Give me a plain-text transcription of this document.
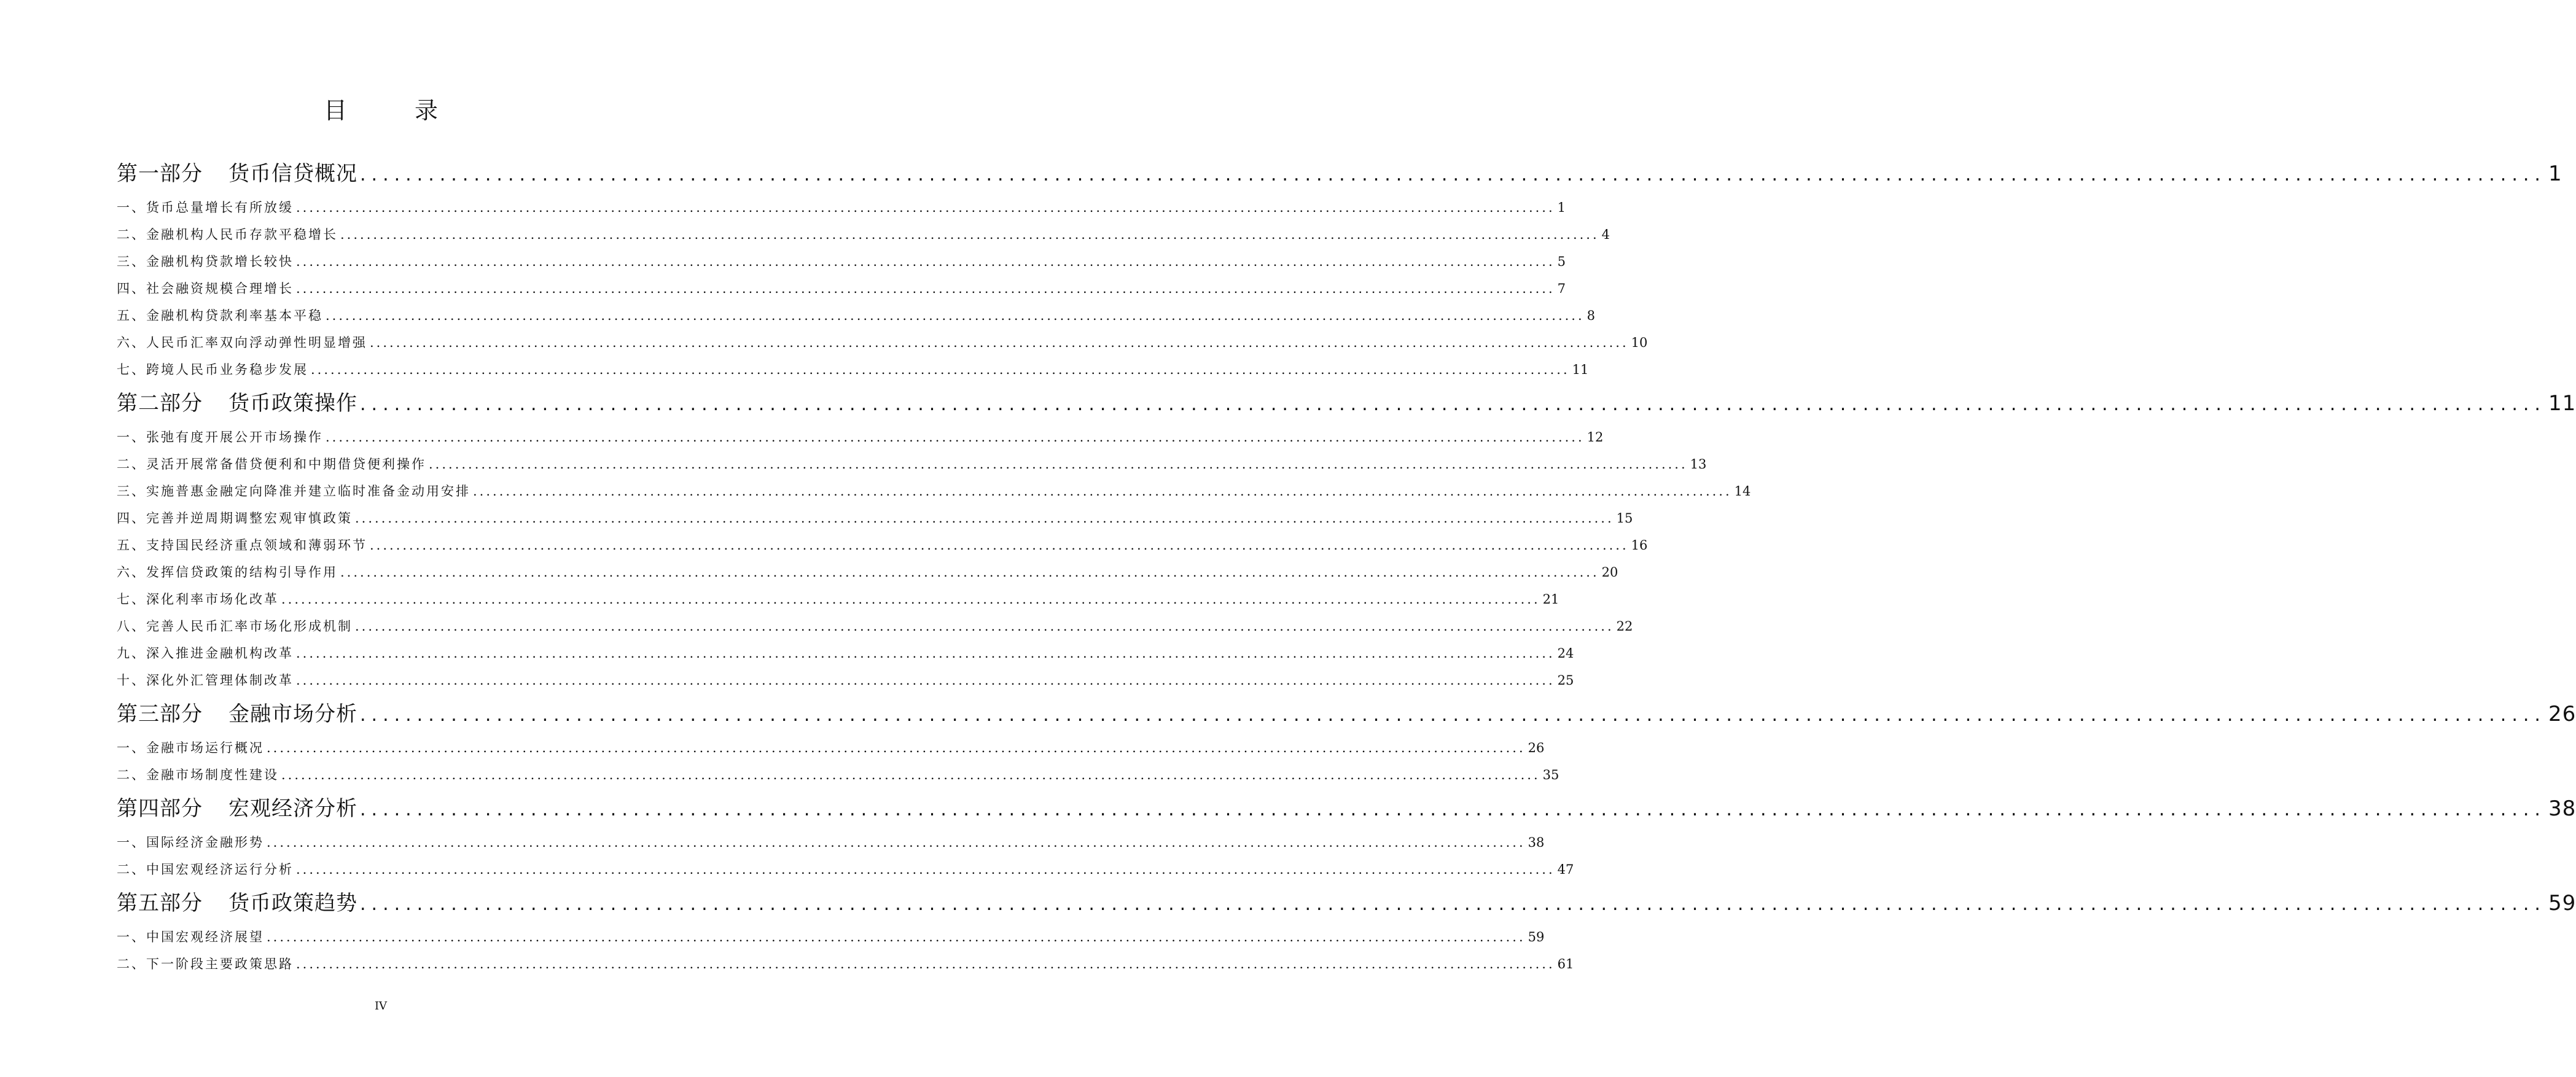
目　录
第一部分 货币信贷概况 ................................................................................................................................................................................................ 1
一、货币总量增长有所放缓 ................................................................................................................................................................................................ 1
二、金融机构人民币存款平稳增长 ................................................................................................................................................................................................ 4
三、金融机构贷款增长较快 ................................................................................................................................................................................................ 5
四、社会融资规模合理增长 ................................................................................................................................................................................................ 7
五、金融机构贷款利率基本平稳 ................................................................................................................................................................................................ 8
六、人民币汇率双向浮动弹性明显增强 ................................................................................................................................................................................................ 10
七、跨境人民币业务稳步发展 ................................................................................................................................................................................................ 11
第二部分 货币政策操作 ................................................................................................................................................................................................ 11
一、张弛有度开展公开市场操作 ................................................................................................................................................................................................ 12
二、灵活开展常备借贷便利和中期借贷便利操作 ................................................................................................................................................................................................ 13
三、实施普惠金融定向降准并建立临时准备金动用安排 ................................................................................................................................................................................................ 14
四、完善并逆周期调整宏观审慎政策 ................................................................................................................................................................................................ 15
五、支持国民经济重点领域和薄弱环节 ................................................................................................................................................................................................ 16
六、发挥信贷政策的结构引导作用 ................................................................................................................................................................................................ 20
七、深化利率市场化改革 ................................................................................................................................................................................................ 21
八、完善人民币汇率市场化形成机制 ................................................................................................................................................................................................ 22
九、深入推进金融机构改革 ................................................................................................................................................................................................ 24
十、深化外汇管理体制改革 ................................................................................................................................................................................................ 25
第三部分 金融市场分析 ................................................................................................................................................................................................ 26
一、金融市场运行概况 ................................................................................................................................................................................................ 26
二、金融市场制度性建设 ................................................................................................................................................................................................ 35
第四部分 宏观经济分析 ................................................................................................................................................................................................ 38
一、国际经济金融形势 ................................................................................................................................................................................................ 38
二、中国宏观经济运行分析 ................................................................................................................................................................................................ 47
第五部分 货币政策趋势 ................................................................................................................................................................................................ 59
一、中国宏观经济展望 ................................................................................................................................................................................................ 59
二、下一阶段主要政策思路 ................................................................................................................................................................................................ 61
IV
